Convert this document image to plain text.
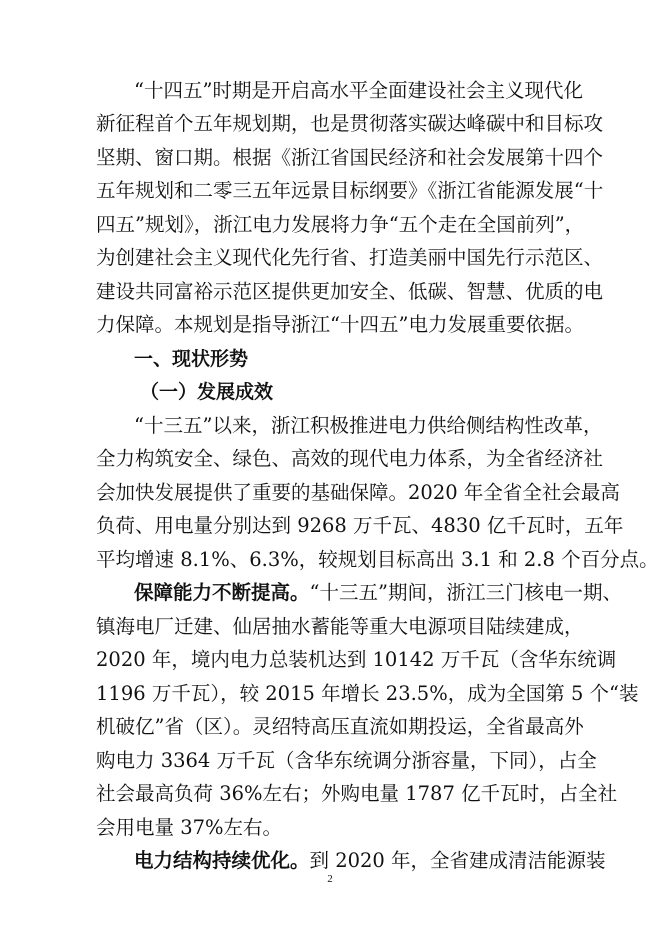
“十四五”时期是开启高水平全面建设社会主义现代化
新征程首个五年规划期，也是贯彻落实碳达峰碳中和目标攻
坚期、窗口期。根据《浙江省国民经济和社会发展第十四个
五年规划和二零三五年远景目标纲要》《浙江省能源发展“十
四五”规划》，浙江电力发展将力争“五个走在全国前列”，
为创建社会主义现代化先行省、打造美丽中国先行示范区、
建设共同富裕示范区提供更加安全、低碳、智慧、优质的电
力保障。本规划是指导浙江“十四五”电力发展重要依据。
一、现状形势
（一）发展成效
“十三五”以来，浙江积极推进电力供给侧结构性改革，
全力构筑安全、绿色、高效的现代电力体系，为全省经济社
会加快发展提供了重要的基础保障。2020 年全省全社会最高
负荷、用电量分别达到 9268 万千瓦、4830 亿千瓦时，五年
平均增速 8.1%、6.3%，较规划目标高出 3.1 和 2.8 个百分点。
保障能力不断提高。“十三五”期间，浙江三门核电一期、
镇海电厂迁建、仙居抽水蓄能等重大电源项目陆续建成，
2020 年，境内电力总装机达到 10142 万千瓦（含华东统调
1196 万千瓦），较 2015 年增长 23.5%，成为全国第 5 个“装
机破亿”省（区）。灵绍特高压直流如期投运，全省最高外
购电力 3364 万千瓦（含华东统调分浙容量，下同），占全
社会最高负荷 36%左右；外购电量 1787 亿千瓦时，占全社
会用电量 37%左右。
电力结构持续优化。到 2020 年，全省建成清洁能源装
2
